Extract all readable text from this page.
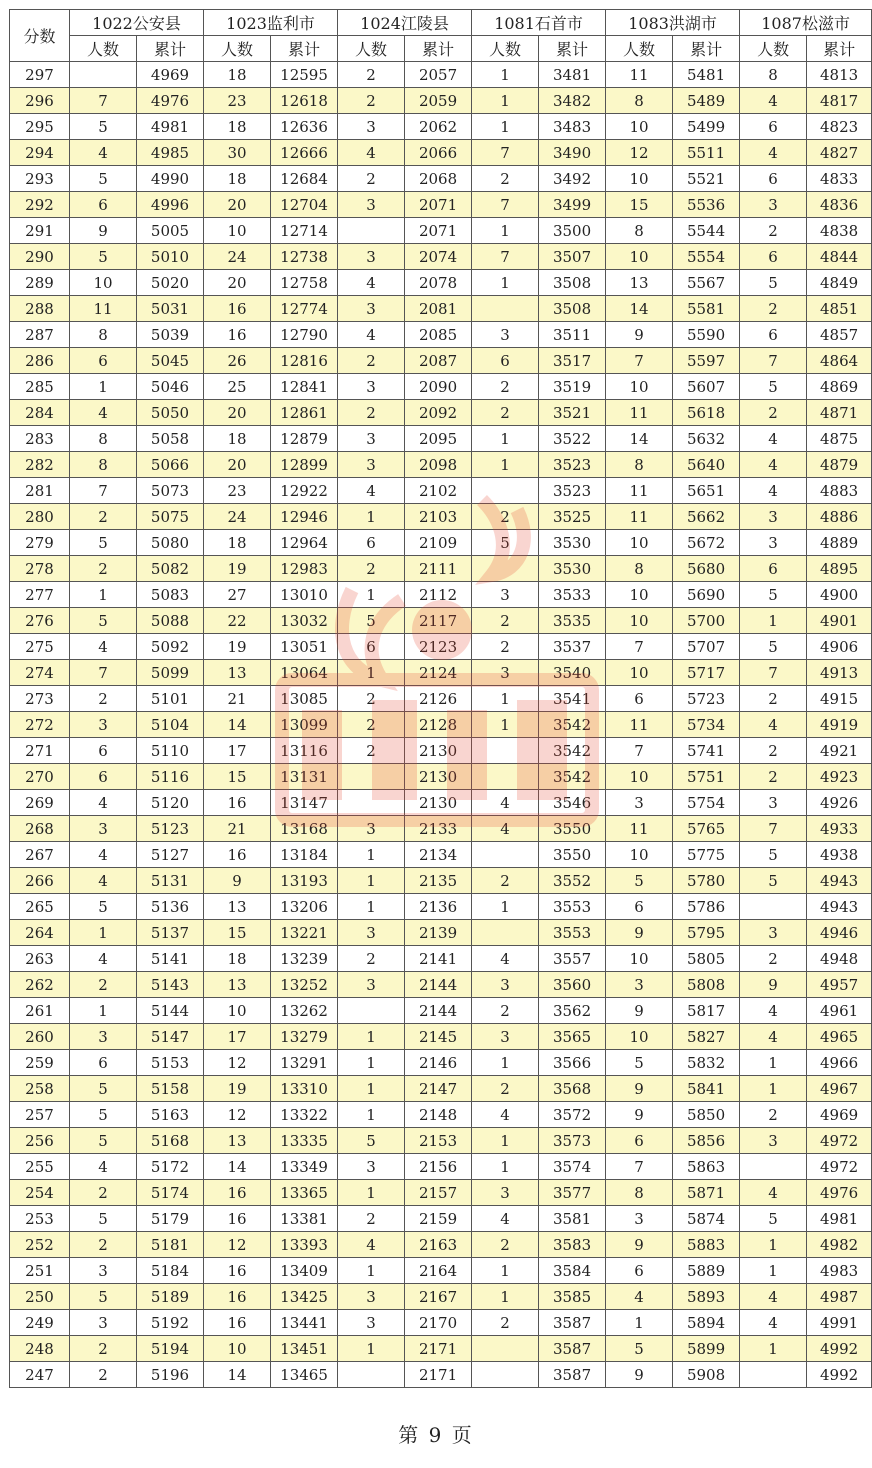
分数	1022公安县		1023监利市		1024江陵县		1081石首市		1083洪湖市		1087松滋市	
	人数	累计	人数	累计	人数	累计	人数	累计	人数	累计	人数	累计
297		4969	18	12595	2	2057	1	3481	11	5481	8	4813
296	7	4976	23	12618	2	2059	1	3482	8	5489	4	4817
295	5	4981	18	12636	3	2062	1	3483	10	5499	6	4823
294	4	4985	30	12666	4	2066	7	3490	12	5511	4	4827
293	5	4990	18	12684	2	2068	2	3492	10	5521	6	4833
292	6	4996	20	12704	3	2071	7	3499	15	5536	3	4836
291	9	5005	10	12714		2071	1	3500	8	5544	2	4838
290	5	5010	24	12738	3	2074	7	3507	10	5554	6	4844
289	10	5020	20	12758	4	2078	1	3508	13	5567	5	4849
288	11	5031	16	12774	3	2081		3508	14	5581	2	4851
287	8	5039	16	12790	4	2085	3	3511	9	5590	6	4857
286	6	5045	26	12816	2	2087	6	3517	7	5597	7	4864
285	1	5046	25	12841	3	2090	2	3519	10	5607	5	4869
284	4	5050	20	12861	2	2092	2	3521	11	5618	2	4871
283	8	5058	18	12879	3	2095	1	3522	14	5632	4	4875
282	8	5066	20	12899	3	2098	1	3523	8	5640	4	4879
281	7	5073	23	12922	4	2102		3523	11	5651	4	4883
280	2	5075	24	12946	1	2103	2	3525	11	5662	3	4886
279	5	5080	18	12964	6	2109	5	3530	10	5672	3	4889
278	2	5082	19	12983	2	2111		3530	8	5680	6	4895
277	1	5083	27	13010	1	2112	3	3533	10	5690	5	4900
276	5	5088	22	13032	5	2117	2	3535	10	5700	1	4901
275	4	5092	19	13051	6	2123	2	3537	7	5707	5	4906
274	7	5099	13	13064	1	2124	3	3540	10	5717	7	4913
273	2	5101	21	13085	2	2126	1	3541	6	5723	2	4915
272	3	5104	14	13099	2	2128	1	3542	11	5734	4	4919
271	6	5110	17	13116	2	2130		3542	7	5741	2	4921
270	6	5116	15	13131		2130		3542	10	5751	2	4923
269	4	5120	16	13147		2130	4	3546	3	5754	3	4926
268	3	5123	21	13168	3	2133	4	3550	11	5765	7	4933
267	4	5127	16	13184	1	2134		3550	10	5775	5	4938
266	4	5131	9	13193	1	2135	2	3552	5	5780	5	4943
265	5	5136	13	13206	1	2136	1	3553	6	5786		4943
264	1	5137	15	13221	3	2139		3553	9	5795	3	4946
263	4	5141	18	13239	2	2141	4	3557	10	5805	2	4948
262	2	5143	13	13252	3	2144	3	3560	3	5808	9	4957
261	1	5144	10	13262		2144	2	3562	9	5817	4	4961
260	3	5147	17	13279	1	2145	3	3565	10	5827	4	4965
259	6	5153	12	13291	1	2146	1	3566	5	5832	1	4966
258	5	5158	19	13310	1	2147	2	3568	9	5841	1	4967
257	5	5163	12	13322	1	2148	4	3572	9	5850	2	4969
256	5	5168	13	13335	5	2153	1	3573	6	5856	3	4972
255	4	5172	14	13349	3	2156	1	3574	7	5863		4972
254	2	5174	16	13365	1	2157	3	3577	8	5871	4	4976
253	5	5179	16	13381	2	2159	4	3581	3	5874	5	4981
252	2	5181	12	13393	4	2163	2	3583	9	5883	1	4982
251	3	5184	16	13409	1	2164	1	3584	6	5889	1	4983
250	5	5189	16	13425	3	2167	1	3585	4	5893	4	4987
249	3	5192	16	13441	3	2170	2	3587	1	5894	4	4991
248	2	5194	10	13451	1	2171		3587	5	5899	1	4992
247	2	5196	14	13465		2171		3587	9	5908		4992
第 9 页
